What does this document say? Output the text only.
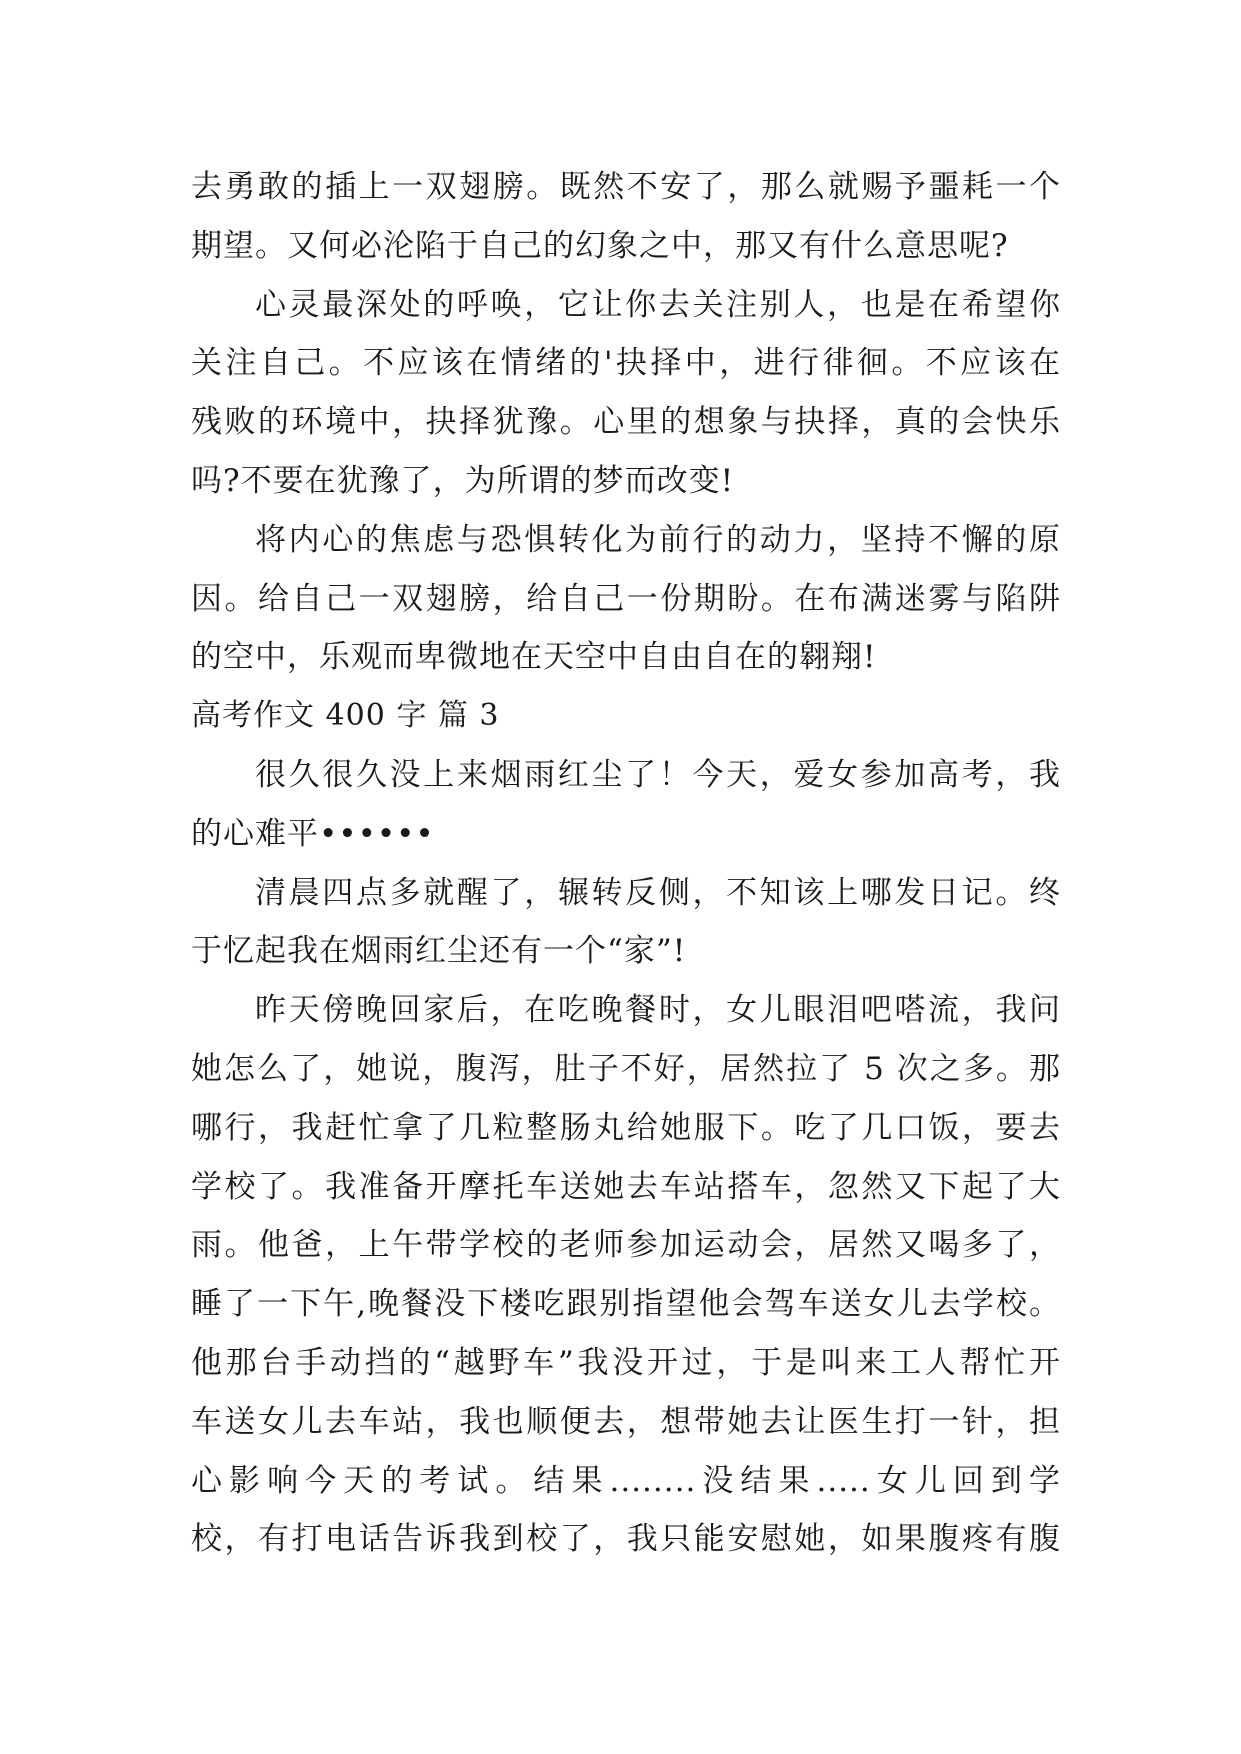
去勇敢的插上一双翅膀。既然不安了，那么就赐予噩耗一个
期望。又何必沦陷于自己的幻象之中，那又有什么意思呢?
心灵最深处的呼唤，它让你去关注别人，也是在希望你
关注自己。不应该在情绪的'抉择中，进行徘徊。不应该在
残败的环境中，抉择犹豫。心里的想象与抉择，真的会快乐
吗?不要在犹豫了，为所谓的梦而改变!
将内心的焦虑与恐惧转化为前行的动力，坚持不懈的原
因。给自己一双翅膀，给自己一份期盼。在布满迷雾与陷阱
的空中，乐观而卑微地在天空中自由自在的翱翔!
高考作文 400 字 篇 3
很久很久没上来烟雨红尘了！今天，爱女参加高考，我
的心难平••••••
清晨四点多就醒了，辗转反侧，不知该上哪发日记。终
于忆起我在烟雨红尘还有一个“家”!
昨天傍晚回家后，在吃晚餐时，女儿眼泪吧嗒流，我问
她怎么了，她说，腹泻，肚子不好，居然拉了 5 次之多。那
哪行，我赶忙拿了几粒整肠丸给她服下。吃了几口饭，要去
学校了。我准备开摩托车送她去车站搭车，忽然又下起了大
雨。他爸，上午带学校的老师参加运动会，居然又喝多了，
睡了一下午,晚餐没下楼吃跟别指望他会驾车送女儿去学校。
他那台手动挡的“越野车”我没开过，于是叫来工人帮忙开
车送女儿去车站，我也顺便去，想带她去让医生打一针，担
心影响今天的考试。结果........没结果.....女儿回到学
校，有打电话告诉我到校了，我只能安慰她，如果腹疼有腹
